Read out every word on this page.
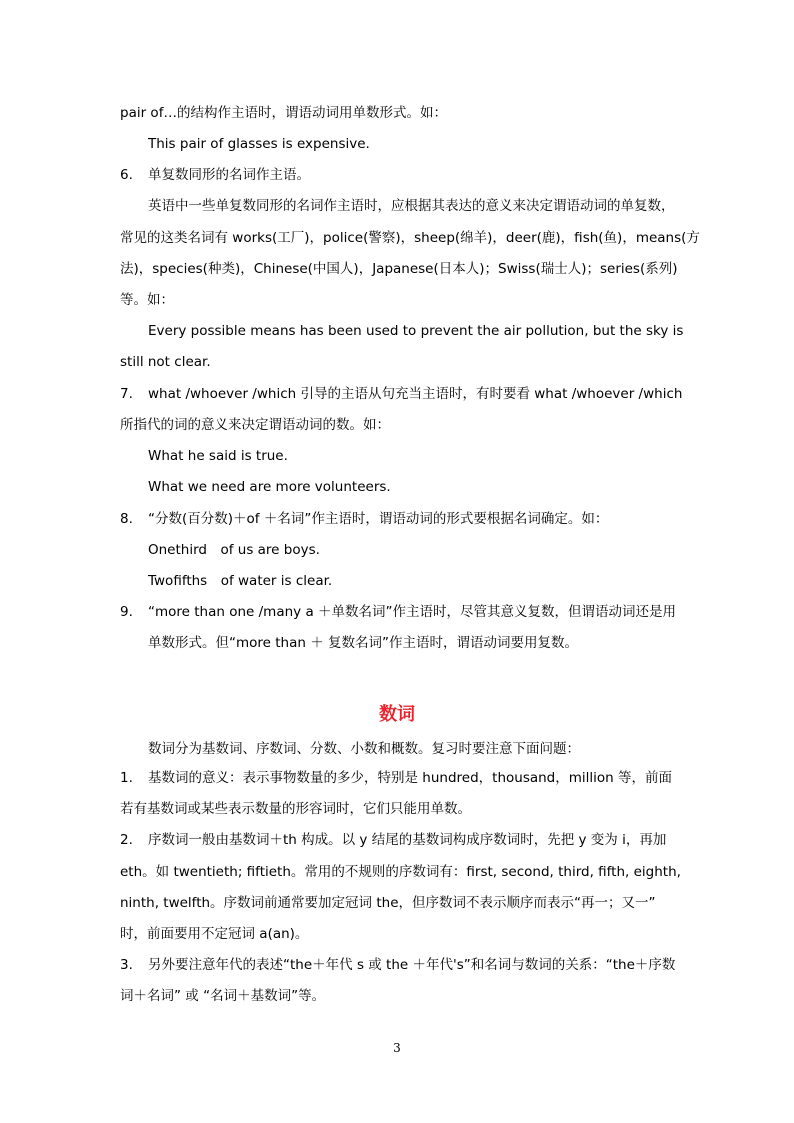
pair of…的结构作主语时，谓语动词用单数形式。如：
This pair of glasses is expensive.
6. 单复数同形的名词作主语。
英语中一些单复数同形的名词作主语时，应根据其表达的意义来决定谓语动词的单复数，
常见的这类名词有 works(工厂)，police(警察)，sheep(绵羊)，deer(鹿)，fish(鱼)，means(方
法)，species(种类)，Chinese(中国人)，Japanese(日本人)；Swiss(瑞士人)；series(系列)
等。如：
Every possible means has been used to prevent the air pollution, but the sky is
still not clear.
7. what /whoever /which 引导的主语从句充当主语时，有时要看 what /whoever /which
所指代的词的意义来决定谓语动词的数。如：
What he said is true.
What we need are more volunteers.
8. “分数(百分数)＋of ＋名词”作主语时，谓语动词的形式要根据名词确定。如：
Onethird　of us are boys.
Twofifths　of water is clear.
9. “more than one /many a ＋单数名词”作主语时，尽管其意义复数，但谓语动词还是用
单数形式。但“more than ＋ 复数名词”作主语时，谓语动词要用复数。
数词
数词分为基数词、序数词、分数、小数和概数。复习时要注意下面问题：
1. 基数词的意义：表示事物数量的多少，特别是 hundred，thousand，million 等，前面
若有基数词或某些表示数量的形容词时，它们只能用单数。
2. 序数词一般由基数词＋th 构成。以 y 结尾的基数词构成序数词时，先把 y 变为 i，再加
eth。如 twentieth; fiftieth。常用的不规则的序数词有：first, second, third, fifth, eighth,
ninth, twelfth。序数词前通常要加定冠词 the，但序数词不表示顺序而表示“再一；又一”
时，前面要用不定冠词 a(an)。
3. 另外要注意年代的表述“the＋年代 s 或 the ＋年代's”和名词与数词的关系：“the＋序数
词＋名词” 或 “名词＋基数词”等。
3
